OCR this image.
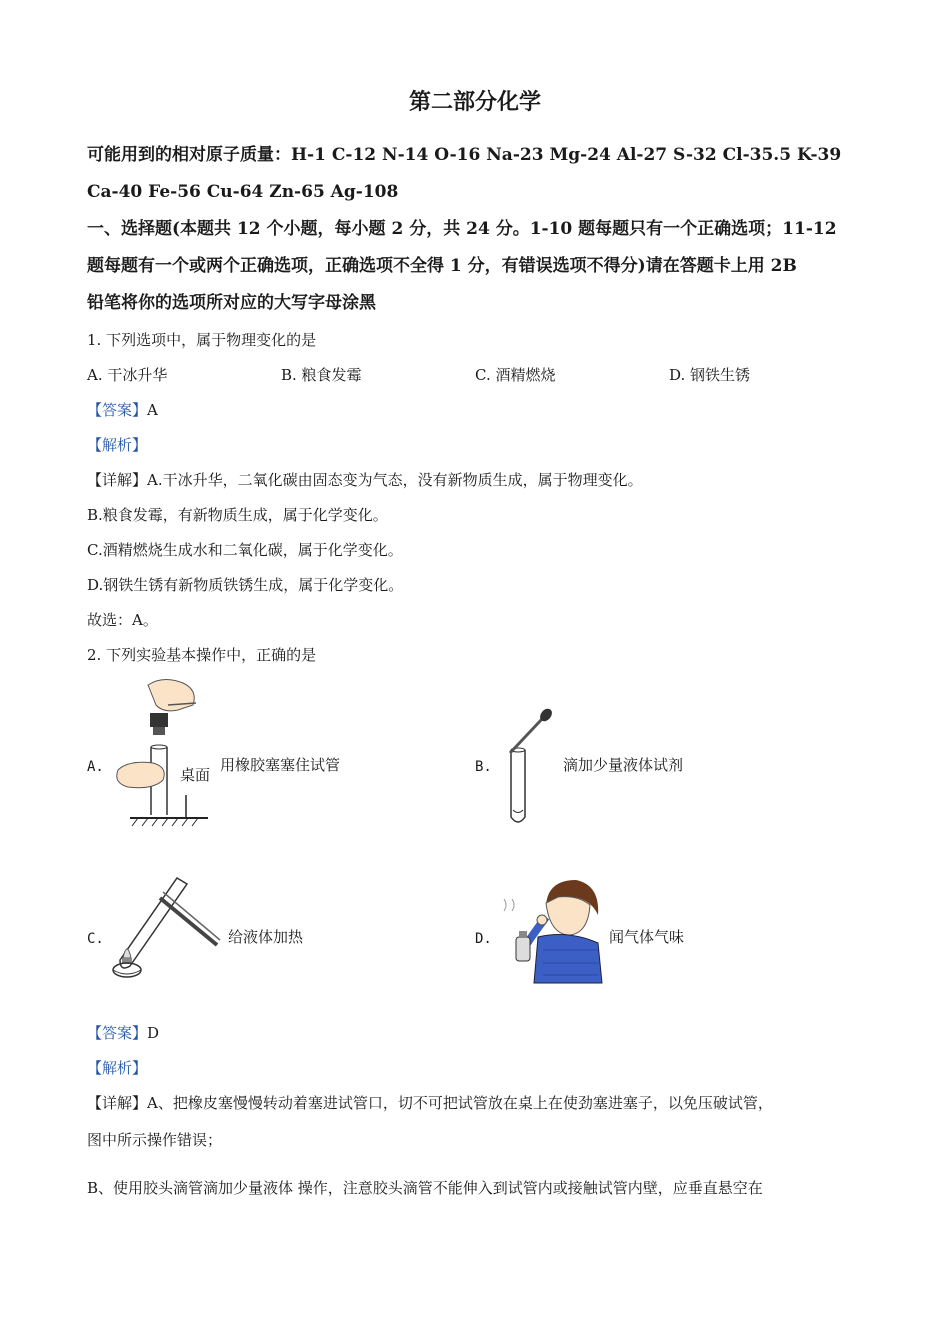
第二部分化学
可能用到的相对原子质量：H-1 C-12 N-14 O-16 Na-23 Mg-24 Al-27 S-32 Cl-35.5 K-39
Ca-40 Fe-56 Cu-64 Zn-65 Ag-108
一、选择题(本题共 12 个小题，每小题 2 分，共 24 分。1-10 题每题只有一个正确选项；11-12
题每题有一个或两个正确选项，正确选项不全得 1 分，有错误选项不得分)请在答题卡上用 2B
铅笔将你的选项所对应的大写字母涂黑
1. 下列选项中，属于物理变化的是
A. 干冰升华	B. 粮食发霉	C. 酒精燃烧	D. 钢铁生锈
【答案】A
【解析】
【详解】A.干冰升华，二氧化碳由固态变为气态，没有新物质生成，属于物理变化。
B.粮食发霉，有新物质生成，属于化学变化。
C.酒精燃烧生成水和二氧化碳，属于化学变化。
D.钢铁生锈有新物质铁锈生成，属于化学变化。
故选：A。
2. 下列实验基本操作中，正确的是
A.	桌面
用橡胶塞塞住试管	B.	滴加少量液体试剂
C.	给液体加热	D.	闻气体气味
【答案】D
【解析】
【详解】A、把橡皮塞慢慢转动着塞进试管口，切不可把试管放在桌上在使劲塞进塞子，以免压破试管，
图中所示操作错误；
B、使用胶头滴管滴加少量液体 操作，注意胶头滴管不能伸入到试管内或接触试管内壁，应垂直悬空在
